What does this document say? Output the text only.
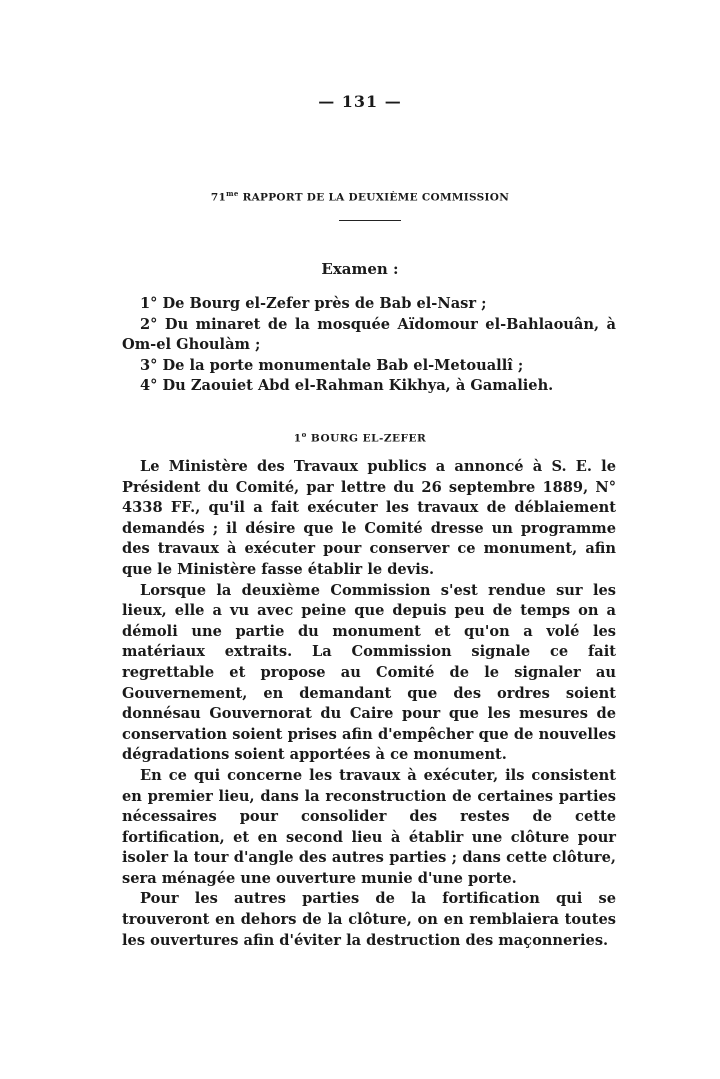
— 131 —
$71^{me}$ RAPPORT DE LA DEUXIÈME COMMISSION
Examen :

1° De Bourg el-Zefer près de Bab el-Nasr ;

2° Du minaret de la mosquée Aïdomour el-Bahlaouân, à Om-el Ghoulàm ;

3° De la porte monumentale Bab el-Metouallî ;

4° Du Zaouiet Abd el-Rahman Kikhya, à Gamalieh.

1$^o$ BOURG EL-ZEFER

Le Ministère des Travaux publics a annoncé à S. E. le Président du Comité, par lettre du 26 septembre 1889, N° 4338 FF., qu'il a fait exécuter les travaux de déblaiement demandés ; il désire que le Comité dresse un programme des travaux à exécuter pour conserver ce monument, afin que le Ministère fasse établir le devis.

Lorsque la deuxième Commission s'est rendue sur les lieux, elle a vu avec peine que depuis peu de temps on a démoli une partie du monument et qu'on a volé les matériaux extraits. La Commission signale ce fait regrettable et propose au Comité de le signaler au Gouvernement, en demandant que des ordres soient donnésau Gouvernorat du Caire pour que les mesures de conservation soient prises afin d'empêcher que de nouvelles dégradations soient apportées à ce monument.

En ce qui concerne les travaux à exécuter, ils consistent en premier lieu, dans la reconstruction de certaines parties nécessaires pour consolider des restes de cette fortification, et en second lieu à établir une clôture pour isoler la tour d'angle des autres parties ; dans cette clôture, sera ménagée une ouverture munie d'une porte.

Pour les autres parties de la fortification qui se trouveront en dehors de la clôture, on en remblaiera toutes les ouvertures afin d'éviter la destruction des maçonneries.
